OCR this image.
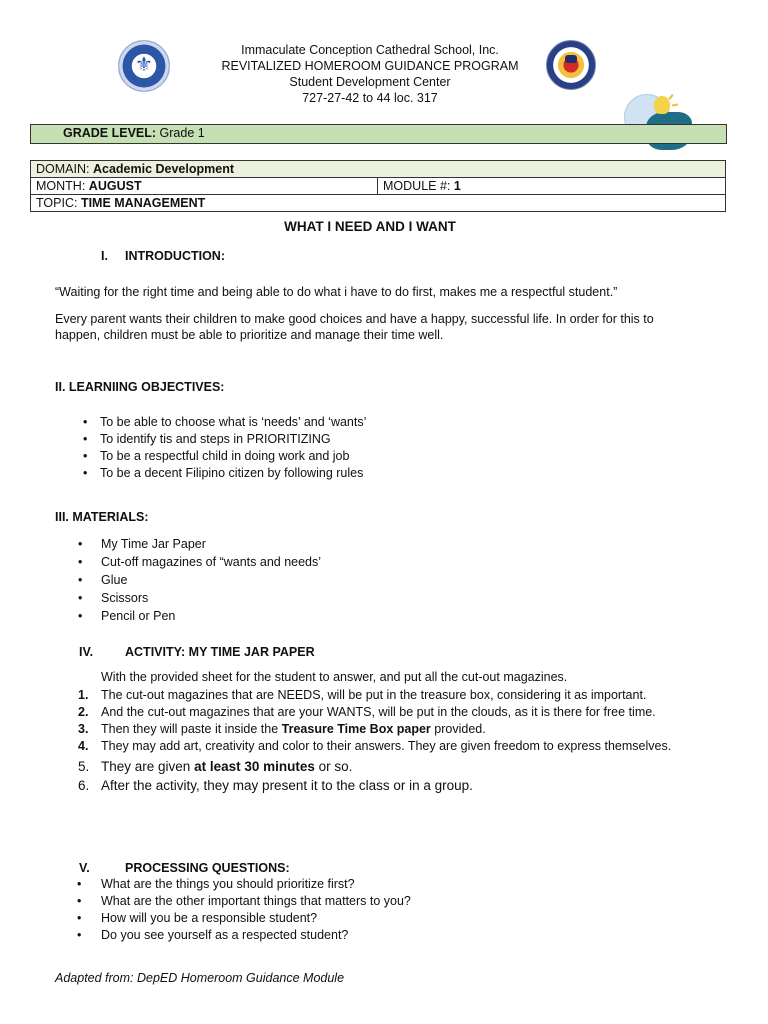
⚜
Immaculate Conception Cathedral School, Inc.
REVITALIZED HOMEROOM GUIDANCE PROGRAM
Student Development Center
727-27-42 to 44 loc. 317
GRADE LEVEL: Grade 1
DOMAIN: Academic Development
MONTH: AUGUST	MODULE #: 1
TOPIC: TIME MANAGEMENT
WHAT I NEED AND I WANT
I. INTRODUCTION:
“Waiting for the right time and being able to do what i have to do first, makes me a respectful student.”
Every parent wants their children to make good choices and have a happy, successful life. In order for this to happen, children must be able to prioritize and manage their time well.
II. LEARNIING OBJECTIVES:
• To be able to choose what is ‘needs’ and ‘wants’
• To identify tis and steps in PRIORITIZING
• To be a respectful child in doing work and job
• To be a decent Filipino citizen by following rules
III. MATERIALS:
• My Time Jar Paper
• Cut-off magazines of “wants and needs’
• Glue
• Scissors
• Pencil or Pen
IV.	ACTIVITY: MY TIME JAR PAPER
With the provided sheet for the student to answer, and put all the cut-out magazines.
1. The cut-out magazines that are NEEDS, will be put in the treasure box, considering it as important.
2. And the cut-out magazines that are your WANTS, will be put in the clouds, as it is there for free time.
3. Then they will paste it inside the Treasure Time Box paper provided.
4. They may add art, creativity and color to their answers. They are given freedom to express themselves.
5. They are given at least 30 minutes or so.
6. After the activity, they may present it to the class or in a group.
V.	PROCESSING QUESTIONS:
• What are the things you should prioritize first?
• What are the other important things that matters to you?
• How will you be a responsible student?
• Do you see yourself as a respected student?
Adapted from: DepED Homeroom Guidance Module
